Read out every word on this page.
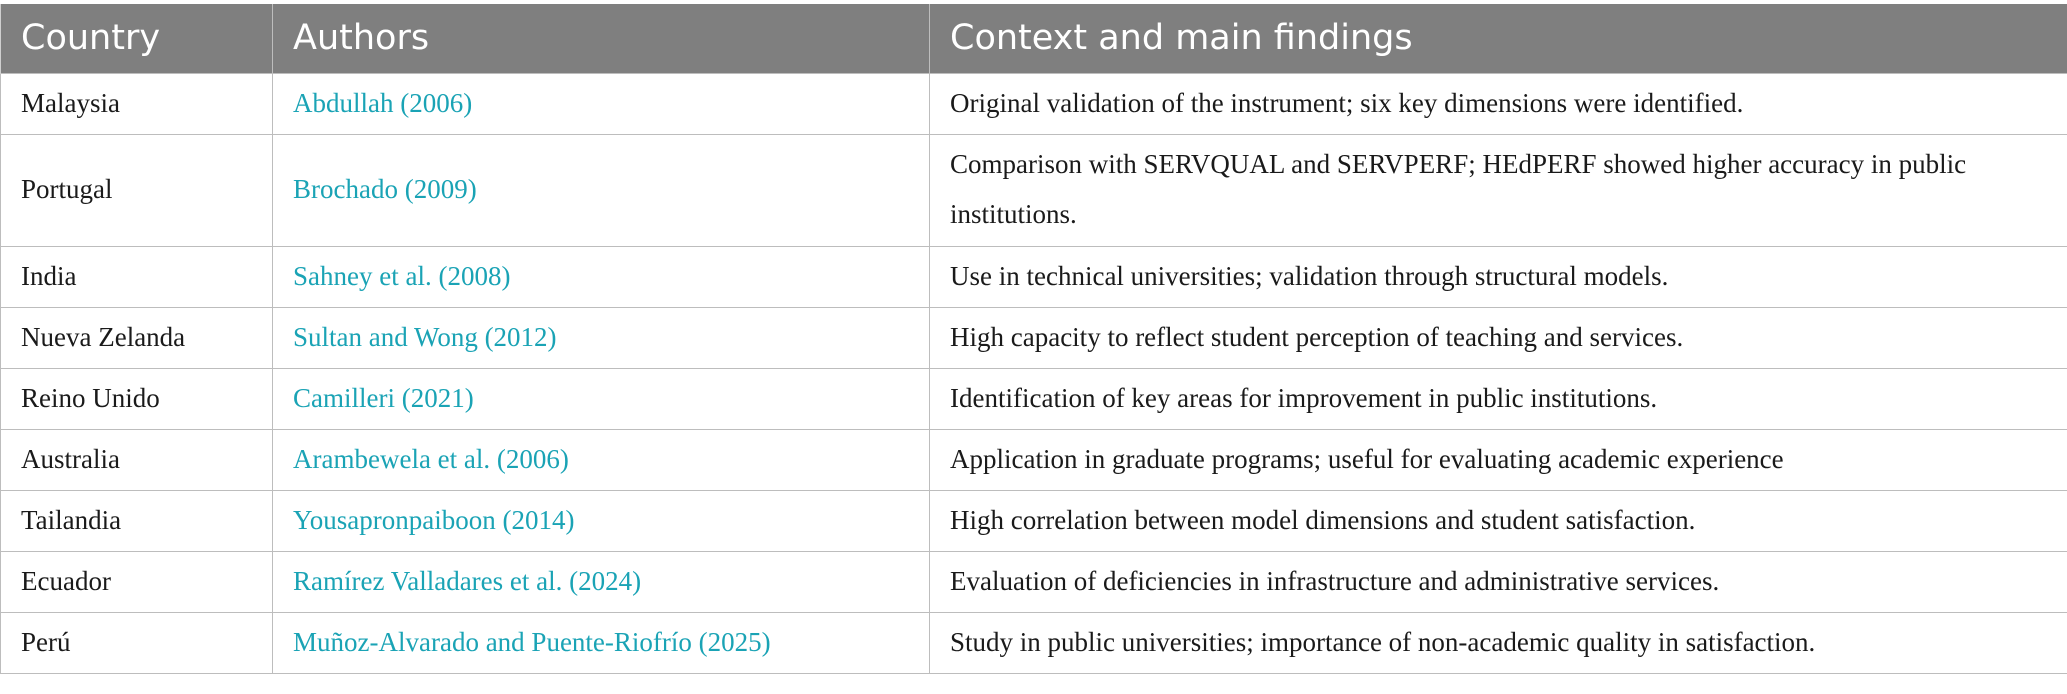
Country	Authors	Context and main findings
Malaysia	Abdullah (2006)	Original validation of the instrument; six key dimensions were identified.
Portugal	Brochado (2009)	Comparison with SERVQUAL and SERVPERF; HEdPERF showed higher accuracy in public institutions.
India	Sahney et al. (2008)	Use in technical universities; validation through structural models.
Nueva Zelanda	Sultan and Wong (2012)	High capacity to reflect student perception of teaching and services.
Reino Unido	Camilleri (2021)	Identification of key areas for improvement in public institutions.
Australia	Arambewela et al. (2006)	Application in graduate programs; useful for evaluating academic experience
Tailandia	Yousapronpaiboon (2014)	High correlation between model dimensions and student satisfaction.
Ecuador	Ramírez Valladares et al. (2024)	Evaluation of deficiencies in infrastructure and administrative services.
Perú	Muñoz-Alvarado and Puente-Riofrío (2025)	Study in public universities; importance of non-academic quality in satisfaction.
